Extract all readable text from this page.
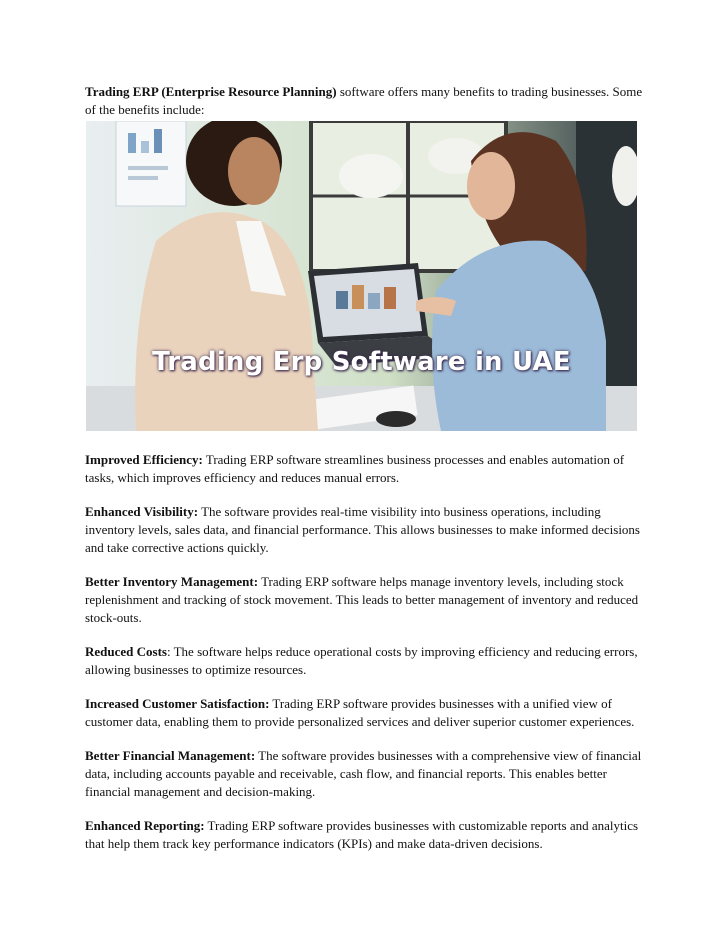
Trading ERP (Enterprise Resource Planning) software offers many benefits to trading businesses. Some of the benefits include:

Trading Erp Software in UAE

Improved Efficiency: Trading ERP software streamlines business processes and enables automation of tasks, which improves efficiency and reduces manual errors.

Enhanced Visibility: The software provides real-time visibility into business operations, including inventory levels, sales data, and financial performance. This allows businesses to make informed decisions and take corrective actions quickly.

Better Inventory Management: Trading ERP software helps manage inventory levels, including stock replenishment and tracking of stock movement. This leads to better management of inventory and reduced stock-outs.

Reduced Costs: The software helps reduce operational costs by improving efficiency and reducing errors, allowing businesses to optimize resources.

Increased Customer Satisfaction: Trading ERP software provides businesses with a unified view of customer data, enabling them to provide personalized services and deliver superior customer experiences.

Better Financial Management: The software provides businesses with a comprehensive view of financial data, including accounts payable and receivable, cash flow, and financial reports. This enables better financial management and decision-making.

Enhanced Reporting: Trading ERP software provides businesses with customizable reports and analytics that help them track key performance indicators (KPIs) and make data-driven decisions.
